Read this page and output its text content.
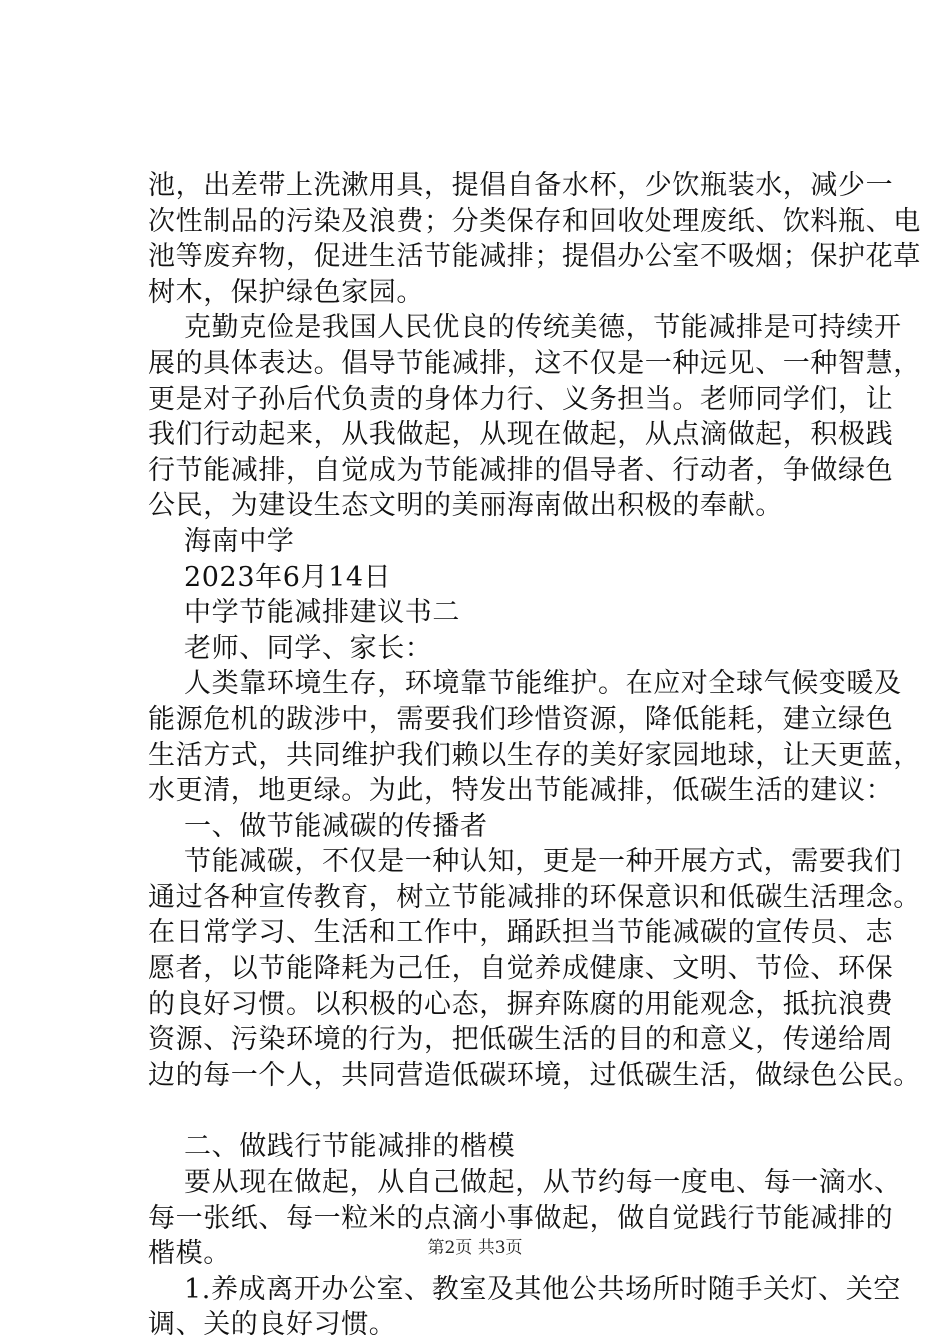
池，出差带上洗漱用具，提倡自备水杯，少饮瓶装水，减少一
次性制品的污染及浪费；分类保存和回收处理废纸、饮料瓶、电
池等废弃物，促进生活节能减排；提倡办公室不吸烟；保护花草
树木，保护绿色家园。
克勤克俭是我国人民优良的传统美德，节能减排是可持续开
展的具体表达。倡导节能减排，这不仅是一种远见、一种智慧，
更是对子孙后代负责的身体力行、义务担当。老师同学们，让
我们行动起来，从我做起，从现在做起，从点滴做起，积极践
行节能减排，自觉成为节能减排的倡导者、行动者，争做绿色
公民，为建设生态文明的美丽海南做出积极的奉献。
海南中学
2023年6月14日
中学节能减排建议书二
老师、同学、家长：
人类靠环境生存，环境靠节能维护。在应对全球气候变暖及
能源危机的跋涉中，需要我们珍惜资源，降低能耗，建立绿色
生活方式，共同维护我们赖以生存的美好家园地球，让天更蓝，
水更清，地更绿。为此，特发出节能减排，低碳生活的建议：
一、做节能减碳的传播者
节能减碳，不仅是一种认知，更是一种开展方式，需要我们
通过各种宣传教育，树立节能减排的环保意识和低碳生活理念。
在日常学习、生活和工作中，踊跃担当节能减碳的宣传员、志
愿者，以节能降耗为己任，自觉养成健康、文明、节俭、环保
的良好习惯。以积极的心态，摒弃陈腐的用能观念，抵抗浪费
资源、污染环境的行为，把低碳生活的目的和意义，传递给周
边的每一个人，共同营造低碳环境，过低碳生活，做绿色公民。
二、做践行节能减排的楷模
要从现在做起，从自己做起，从节约每一度电、每一滴水、
每一张纸、每一粒米的点滴小事做起，做自觉践行节能减排的
楷模。
1.养成离开办公室、教室及其他公共场所时随手关灯、关空
调、关的良好习惯。
第2页 共3页
